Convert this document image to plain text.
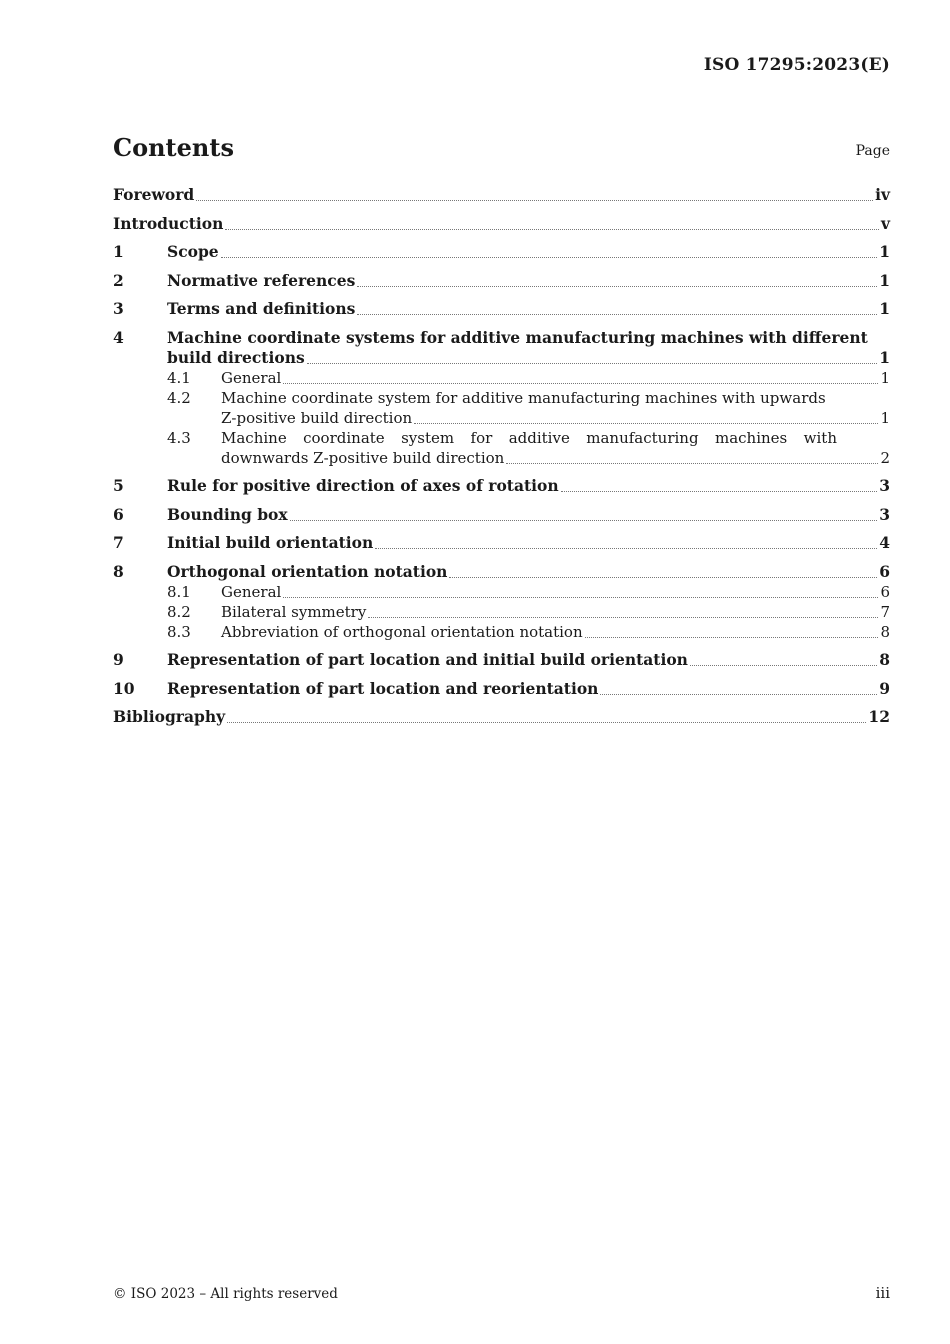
ISO 17295:2023(E)
Contents	Page
Foreword	iv
Introduction	v
1	Scope	1
2	Normative references	1
3	Terms and definitions	1
4	Machine coordinate systems for additive manufacturing machines with different
build directions	1
4.1	General	1
4.2	Machine coordinate system for additive manufacturing machines with upwards
Z-positive build direction	1
4.3	Machine coordinate system for additive manufacturing machines with
downwards Z-positive build direction	2
5	Rule for positive direction of axes of rotation	3
6	Bounding box	3
7	Initial build orientation	4
8	Orthogonal orientation notation	6
8.1	General	6
8.2	Bilateral symmetry	7
8.3	Abbreviation of orthogonal orientation notation	8
9	Representation of part location and initial build orientation	8
10	Representation of part location and reorientation	9
Bibliography	12
© ISO 2023 – All rights reserved	iii
